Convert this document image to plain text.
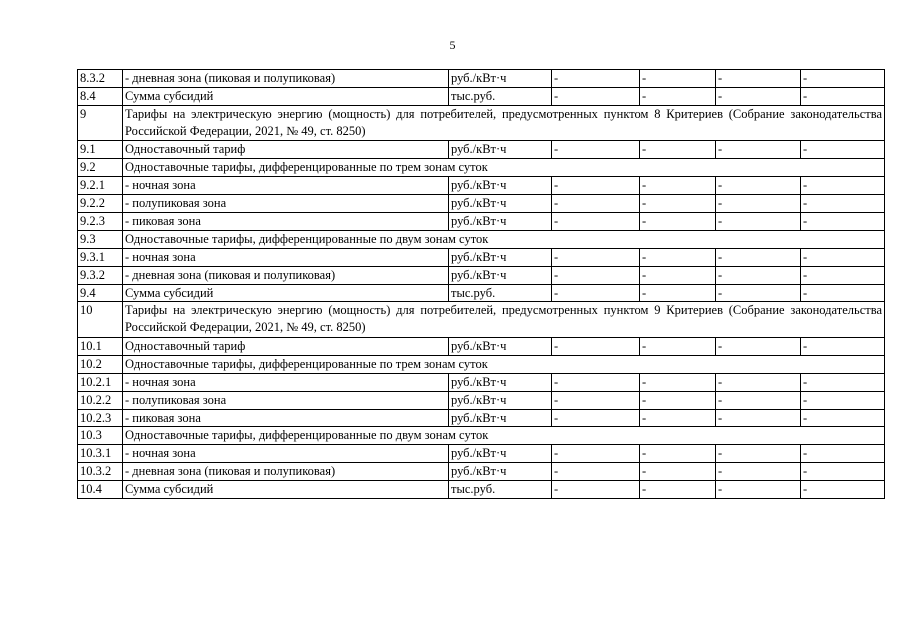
5
8.3.2	- дневная зона (пиковая и полупиковая)	руб./кВт·ч	-	-	-	-
8.4	Сумма субсидий	тыс.руб.	-	-	-	-
9	Тарифы на электрическую энергию (мощность) для потребителей, предусмотренных пунктом 8 Критериев (Собрание законодательства Российской Федерации, 2021, № 49, ст. 8250)					
9.1	Одноставочный тариф	руб./кВт·ч	-	-	-	-
9.2	Одноставочные тарифы, дифференцированные по трем зонам суток					
9.2.1	- ночная зона	руб./кВт·ч	-	-	-	-
9.2.2	- полупиковая зона	руб./кВт·ч	-	-	-	-
9.2.3	- пиковая зона	руб./кВт·ч	-	-	-	-
9.3	Одноставочные тарифы, дифференцированные по двум зонам суток					
9.3.1	- ночная зона	руб./кВт·ч	-	-	-	-
9.3.2	- дневная зона (пиковая и полупиковая)	руб./кВт·ч	-	-	-	-
9.4	Сумма субсидий	тыс.руб.	-	-	-	-
10	Тарифы на электрическую энергию (мощность) для потребителей, предусмотренных пунктом 9 Критериев (Собрание законодательства Российской Федерации, 2021, № 49, ст. 8250)					
10.1	Одноставочный тариф	руб./кВт·ч	-	-	-	-
10.2	Одноставочные тарифы, дифференцированные по трем зонам суток					
10.2.1	- ночная зона	руб./кВт·ч	-	-	-	-
10.2.2	- полупиковая зона	руб./кВт·ч	-	-	-	-
10.2.3	- пиковая зона	руб./кВт·ч	-	-	-	-
10.3	Одноставочные тарифы, дифференцированные по двум зонам суток					
10.3.1	- ночная зона	руб./кВт·ч	-	-	-	-
10.3.2	- дневная зона (пиковая и полупиковая)	руб./кВт·ч	-	-	-	-
10.4	Сумма субсидий	тыс.руб.	-	-	-	-
